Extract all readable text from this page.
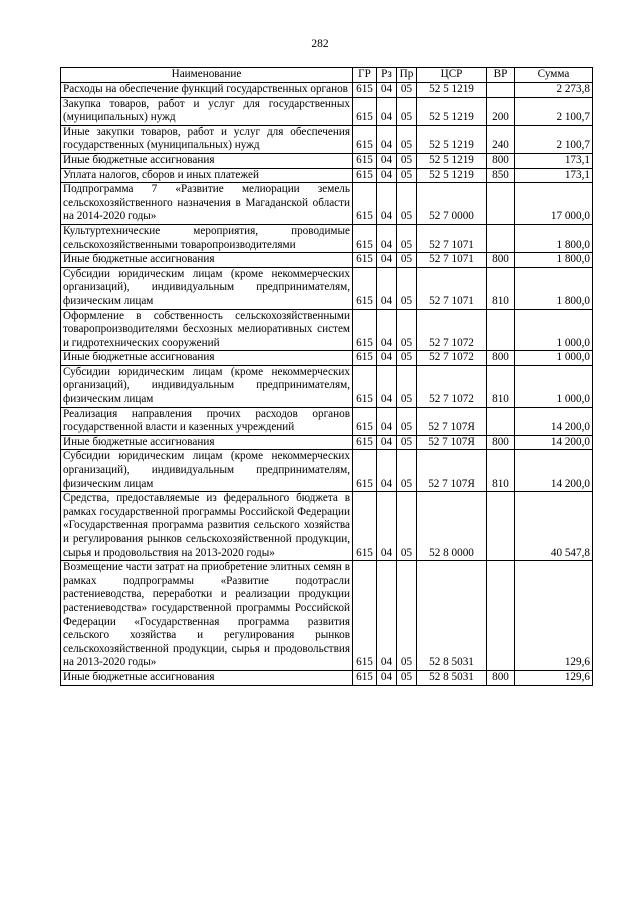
282
Наименование	ГР	Рз	Пр	ЦСР	ВР	Сумма
Расходы на обеспечение функций государственных органов	615	04	05	52 5 1219		2 273,8
Закупка товаров, работ и услуг для государственных (муниципальных) нужд	615	04	05	52 5 1219	200	2 100,7
Иные закупки товаров, работ и услуг для обеспечения государственных (муниципальных) нужд	615	04	05	52 5 1219	240	2 100,7
Иные бюджетные ассигнования	615	04	05	52 5 1219	800	173,1
Уплата налогов, сборов и иных платежей	615	04	05	52 5 1219	850	173,1
Подпрограмма 7 «Развитие мелиорации земель сельскохозяйственного назначения в Магаданской области на 2014-2020 годы»	615	04	05	52 7 0000		17 000,0
Культуртехнические мероприятия, проводимые сельскохозяйственными товаропроизводителями	615	04	05	52 7 1071		1 800,0
Иные бюджетные ассигнования	615	04	05	52 7 1071	800	1 800,0
Субсидии юридическим лицам (кроме некоммерческих организаций), индивидуальным предпринимателям, физическим лицам	615	04	05	52 7 1071	810	1 800,0
Оформление в собственность сельскохозяйственными товаропроизводителями бесхозных мелиоративных систем и гидротехнических сооружений	615	04	05	52 7 1072		1 000,0
Иные бюджетные ассигнования	615	04	05	52 7 1072	800	1 000,0
Субсидии юридическим лицам (кроме некоммерческих организаций), индивидуальным предпринимателям, физическим лицам	615	04	05	52 7 1072	810	1 000,0
Реализация направления прочих расходов органов государственной власти и казенных учреждений	615	04	05	52 7 107Я		14 200,0
Иные бюджетные ассигнования	615	04	05	52 7 107Я	800	14 200,0
Субсидии юридическим лицам (кроме некоммерческих организаций), индивидуальным предпринимателям, физическим лицам	615	04	05	52 7 107Я	810	14 200,0
Средства, предоставляемые из федерального бюджета в рамках государственной программы Российской Федерации «Государственная программа развития сельского хозяйства и регулирования рынков сельскохозяйственной продукции, сырья и продовольствия на 2013-2020 годы»	615	04	05	52 8 0000		40 547,8
Возмещение части затрат на приобретение элитных семян в рамках подпрограммы «Развитие подотрасли растениеводства, переработки и реализации продукции растениеводства» государственной программы Российской Федерации «Государственная программа развития сельского хозяйства и регулирования рынков сельскохозяйственной продукции, сырья и продовольствия на 2013-2020 годы»	615	04	05	52 8 5031		129,6
Иные бюджетные ассигнования	615	04	05	52 8 5031	800	129,6
